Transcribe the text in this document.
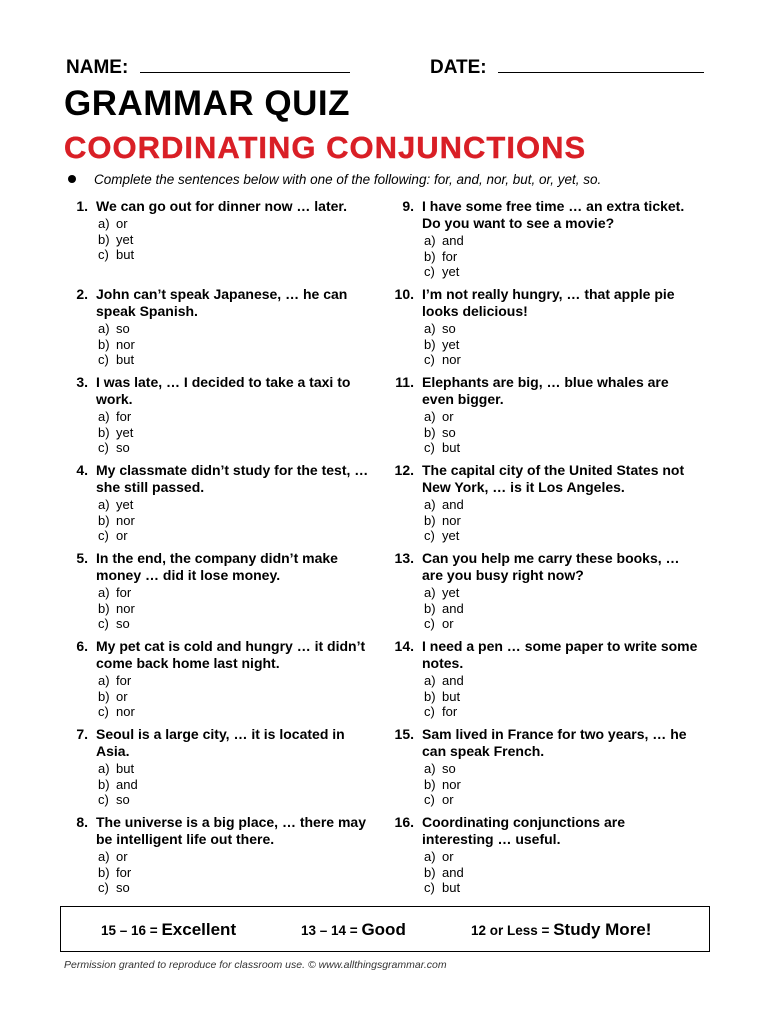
NAME:	DATE:
GRAMMAR QUIZ
COORDINATING CONJUNCTIONS
Complete the sentences below with one of the following: for, and, nor, but, or, yet, so.
1. We can go out for dinner now … later.
a) or
b) yet
c) but
2. John can’t speak Japanese, … he can speak Spanish.
a) so
b) nor
c) but
3. I was late, … I decided to take a taxi to work.
a) for
b) yet
c) so
4. My classmate didn’t study for the test, … she still passed.
a) yet
b) nor
c) or
5. In the end, the company didn’t make money … did it lose money.
a) for
b) nor
c) so
6. My pet cat is cold and hungry … it didn’t come back home last night.
a) for
b) or
c) nor
7. Seoul is a large city, … it is located in Asia.
a) but
b) and
c) so
8. The universe is a big place, … there may be intelligent life out there.
a) or
b) for
c) so
9. I have some free time … an extra ticket. Do you want to see a movie?
a) and
b) for
c) yet
10. I’m not really hungry, … that apple pie looks delicious!
a) so
b) yet
c) nor
11. Elephants are big, … blue whales are even bigger.
a) or
b) so
c) but
12. The capital city of the United States not New York, … is it Los Angeles.
a) and
b) nor
c) yet
13. Can you help me carry these books, … are you busy right now?
a) yet
b) and
c) or
14. I need a pen … some paper to write some notes.
a) and
b) but
c) for
15. Sam lived in France for two years, … he can speak French.
a) so
b) nor
c) or
16. Coordinating conjunctions are interesting … useful.
a) or
b) and
c) but
15 – 16 = Excellent	13 – 14 = Good	12 or Less = Study More!
Permission granted to reproduce for classroom use. © www.allthingsgrammar.com
